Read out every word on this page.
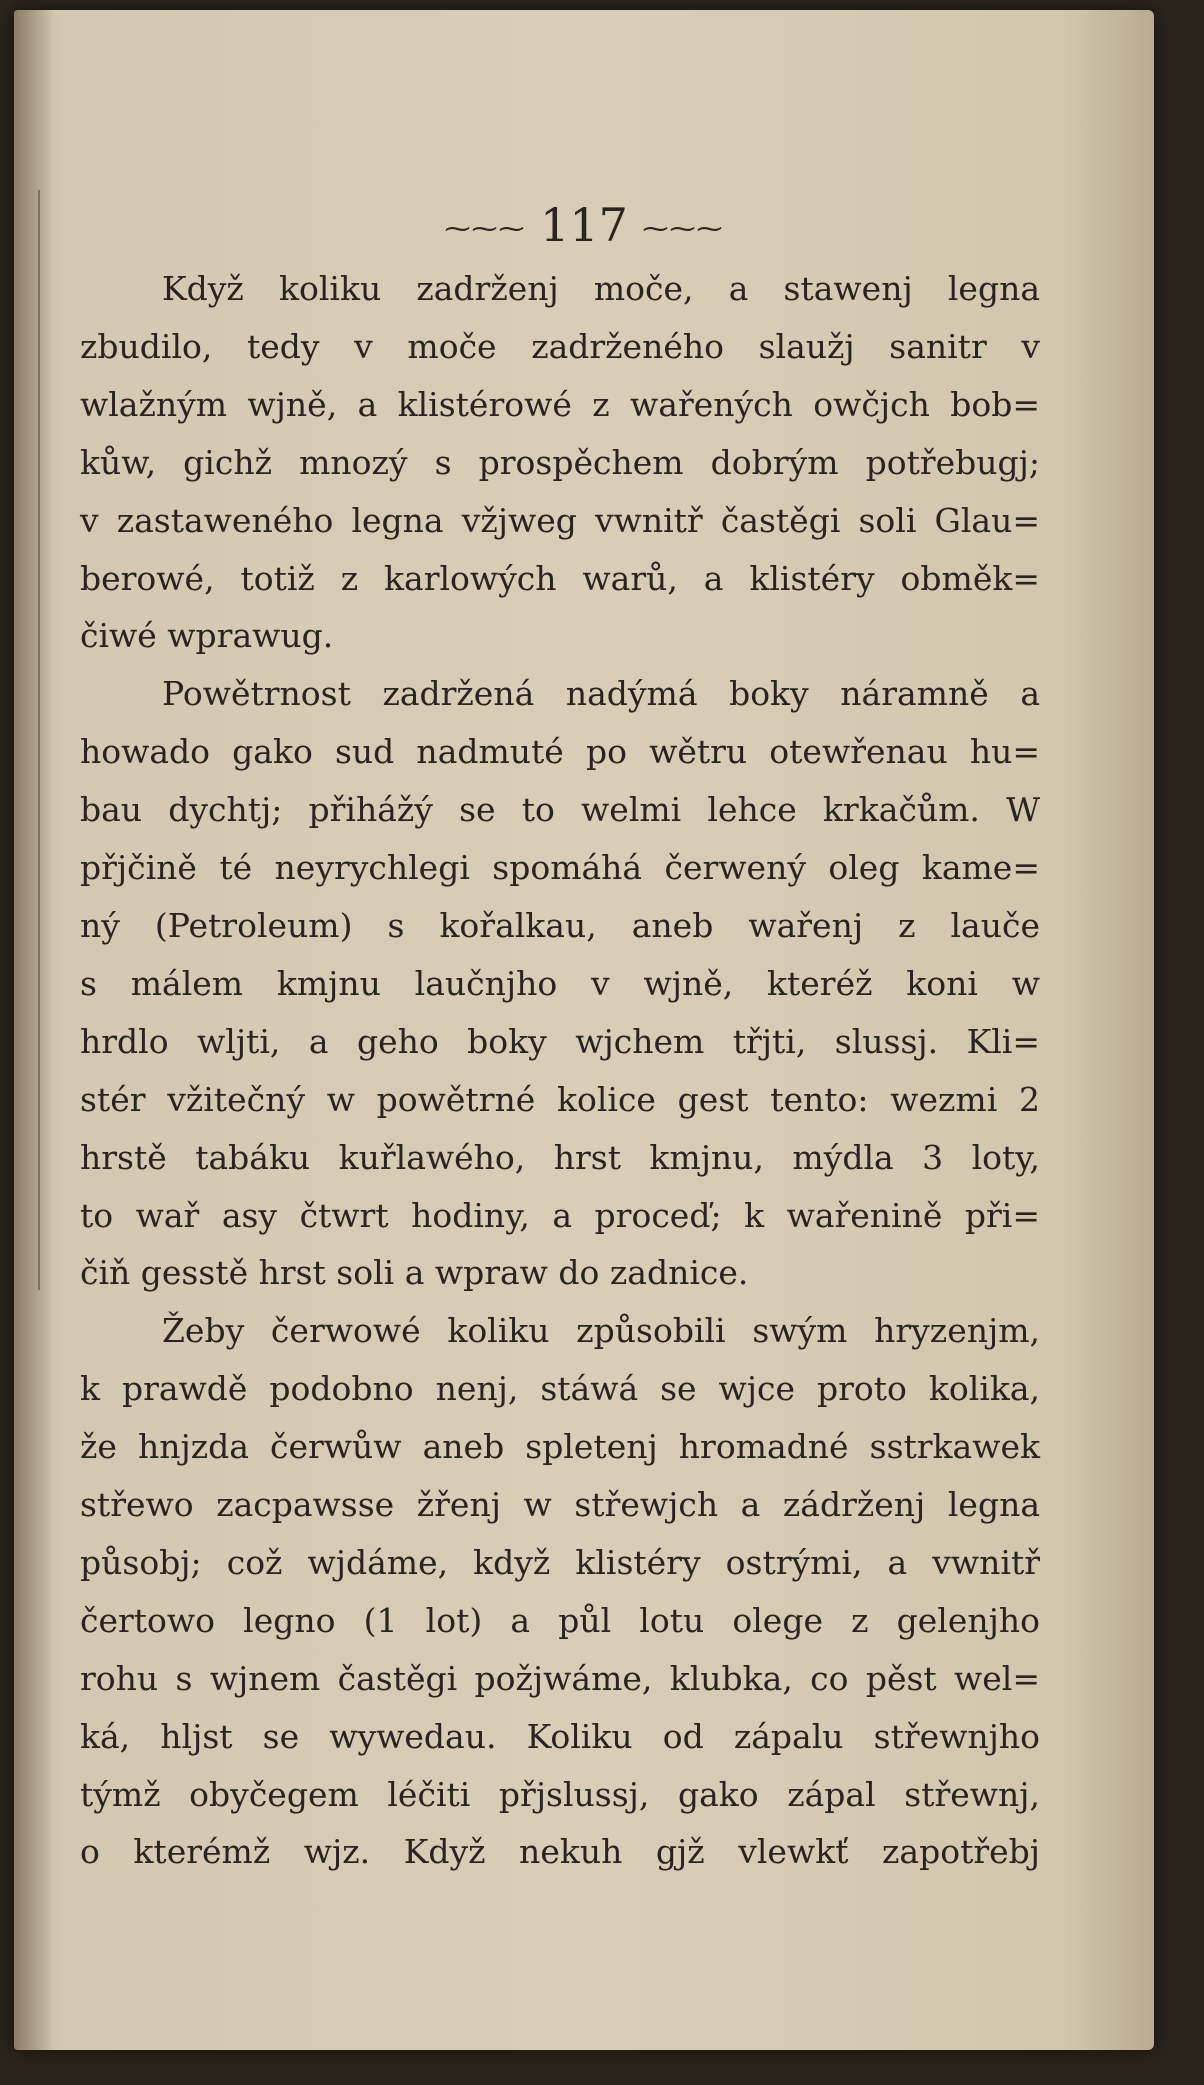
⁓⁓⁓ 117 ⁓⁓⁓

Když koliku zadrženj moče, a stawenj legna
zbudilo, tedy v moče zadrženého slaužj sanitr v
wlažným wjně, a klistérowé z wařených owčjch bob=
kůw, gichž mnozý s prospěchem dobrým potřebugj;
v zastaweného legna vžjweg vwnitř častěgi soli Glau=
berowé, totiž z karlowých warů, a klistéry obměk=
čiwé wprawug.

Powětrnost zadržená nadýmá boky náramně a
howado gako sud nadmuté po wětru otewřenau hu=
bau dychtj; přihážý se to welmi lehce krkačům. W
přjčině té neyrychlegi spomáhá čerwený oleg kame=
ný (Petroleum) s kořalkau, aneb wařenj z lauče
s málem kmjnu laučnjho v wjně, kteréž koni w
hrdlo wljti, a geho boky wjchem třjti, slussj. Kli=
stér vžitečný w powětrné kolice gest tento: wezmi 2
hrstě tabáku kuřlawého, hrst kmjnu, mýdla 3 loty,
to wař asy čtwrt hodiny, a proceď; k wařenině při=
čiň gesstě hrst soli a wpraw do zadnice.

Žeby čerwowé koliku způsobili swým hryzenjm,
k prawdě podobno nenj, stáwá se wjce proto kolika,
že hnjzda čerwůw aneb spletenj hromadné sstrkawek
střewo zacpawsse žřenj w střewjch a zádrženj legna
působj; což wjdáme, když klistéry ostrými, a vwnitř
čertowo legno (1 lot) a půl lotu olege z gelenjho
rohu s wjnem častěgi požjwáme, klubka, co pěst wel=
ká, hljst se wywedau. Koliku od zápalu střewnjho
týmž obyčegem léčiti přjslussj, gako zápal střewnj,
o kterémž wjz. Když nekuh gjž vlewkť zapotřebj
